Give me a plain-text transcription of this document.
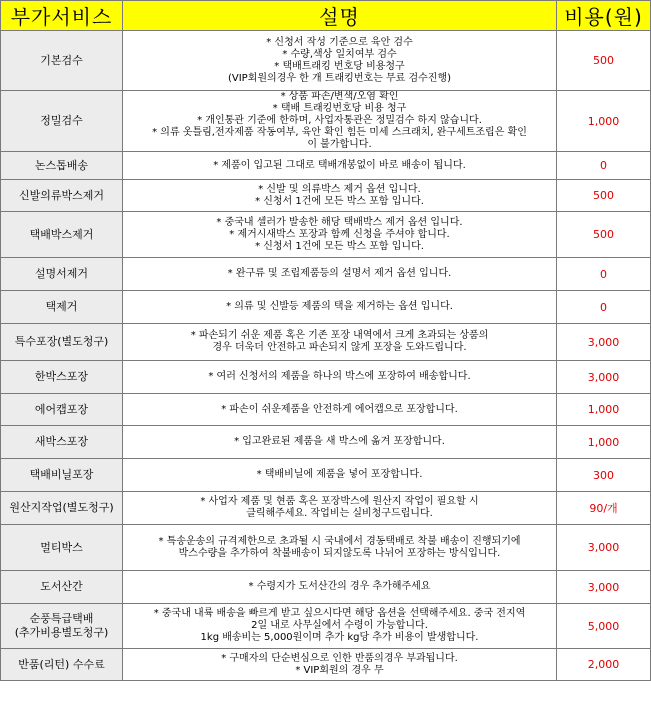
부가서비스	설명	비용(원)

기본검수	* 신청서 작성 기준으로 육안 검수
* 수량,색상 일치여부 검수
* 택배트래킹 번호당 비용청구
(VIP회원의경우 한 개 트래킹번호는 무료 검수진행)	500

정밀검수	* 상품 파손/변색/오염 확인
* 택배 트래킹번호당 비용 청구
* 개인통관 기준에 한하며, 사업자통관은 정밀검수 하지 않습니다.
* 의류 옷틀림,전자제품 작동여부, 육안 확인 힘든 미세 스크래치, 완구세트조립은 확인
이 불가합니다.	1,000

논스톱배송	* 제품이 입고된 그대로 택배개봉없이 바로 배송이 됩니다.	0

신발의류박스제거	* 신발 및 의류박스 제거 옵션 입니다.
* 신청서 1건에 모든 박스 포함 입니다.	500

택배박스제거	* 중국내 셀러가 발송한 해당 택배박스 제거 옵션 입니다.
* 제거시새박스 포장과 함께 신청을 주셔야 합니다.
* 신청서 1건에 모든 박스 포함 입니다.	500

설명서제거	* 완구류 및 조립제품등의 설명서 제거 옵션 입니다.	0

택제거	* 의류 및 신발등 제품의 택을 제거하는 옵션 입니다.	0

특수포장(별도청구)	* 파손되기 쉬운 제품 혹은 기존 포장 내역에서 크게 초과되는 상품의
경우 더욱더 안전하고 파손되지 않게 포장을 도와드립니다.	3,000

한박스포장	* 여러 신청서의 제품을 하나의 박스에 포장하여 배송합니다.	3,000

에어캡포장	* 파손이 쉬운제품을 안전하게 에어캡으로 포장합니다.	1,000

새박스포장	* 입고완료된 제품을 새 박스에 옮겨 포장합니다.	1,000

택배비닐포장	* 택배비닐에 제품을 넣어 포장합니다.	300

원산지작업(별도청구)	* 사업자 제품 및 현품 혹은 포장박스에 원산지 작업이 필요할 시
클릭해주세요. 작업비는 실비청구드립니다.	90/개

멀티박스	* 특송운송의 규격제한으로 초과될 시 국내에서 경동택배로 착불 배송이 진행되기에
박스수량을 추가하여 착불배송이 되지않도록 나뉘어 포장하는 방식입니다.	3,000

도서산간	* 수령지가 도서산간의 경우 추가해주세요	3,000

순풍특급택배
(추가비용별도청구)	* 중국내 내륙 배송을 빠르게 받고 싶으시다면 해당 옵션을 선택해주세요. 중국 전지역
2일 내로 사무실에서 수령이 가능합니다.
1kg 배송비는 5,000원이며 추가 kg당 추가 비용이 발생합니다.	5,000

반품(리턴) 수수료	* 구매자의 단순변심으로 인한 반품의경우 부과됩니다.
* VIP회원의 경우 무	2,000
